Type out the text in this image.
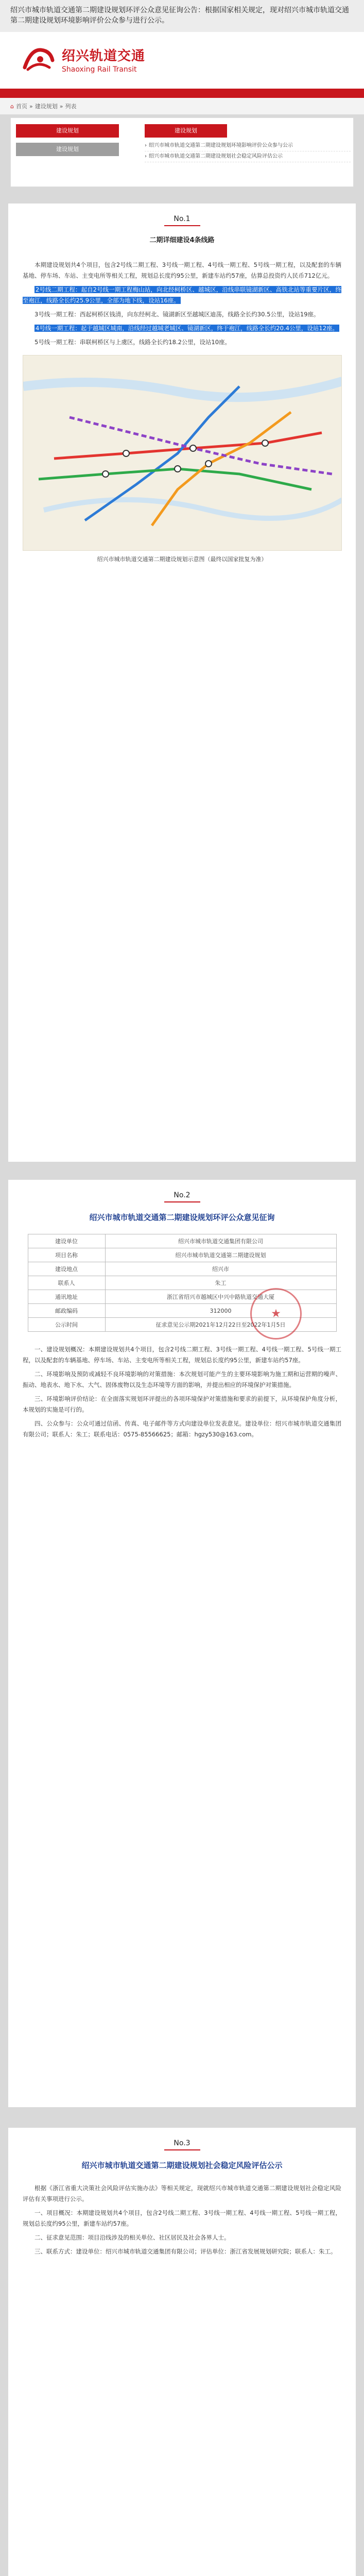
绍兴市城市轨道交通第二期建设规划环评公众意见征询公告：根据国家相关规定，现对绍兴市城市轨道交通第二期建设规划环境影响评价公众参与进行公示。
绍兴轨道交通
Shaoxing Rail Transit
⌂ 首页 » 建设规划 » 列表
建设规划
建设规划
建设规划
› 绍兴市城市轨道交通第二期建设规划环境影响评价公众参与公示
› 绍兴市城市轨道交通第二期建设规划社会稳定风险评估公示
No.1
二期详细建设4条线路

本期建设规划共4个项目，包含2号线二期工程、3号线一期工程、4号线一期工程、5号线一期工程，以及配套的车辆基地、停车场、车站、主变电所等相关工程，规划总长度约95公里，新建车站约57座，估算总投资约人民币712亿元。

2号线二期工程：起自2号线一期工程梅山站，向北经柯桥区、越城区，沿线串联镜湖新区、高铁北站等重要片区，终至袍江，线路全长约25.9公里，全部为地下线，设站16座。

3号线一期工程：西起柯桥区钱清，向东经柯北、镜湖新区至越城区迪荡，线路全长约30.5公里，设站19座。

4号线一期工程：起于越城区城南，沿线经过越城老城区、镜湖新区，终于袍江，线路全长约20.4公里，设站12座。

5号线一期工程：串联柯桥区与上虞区，线路全长约18.2公里，设站10座。

绍兴市城市轨道交通第二期建设规划示意图（最终以国家批复为准）
No.2
绍兴市城市轨道交通第二期建设规划环评公众意见征询
建设单位	绍兴市城市轨道交通集团有限公司
项目名称	绍兴市城市轨道交通第二期建设规划
建设地点	绍兴市
联系人	朱工
通讯地址	浙江省绍兴市越城区中兴中路轨道交通大厦
邮政编码	312000
公示时间	征求意见公示期2021年12月22日至2022年1月5日
★

一、建设规划概况：本期建设规划共4个项目，包含2号线二期工程、3号线一期工程、4号线一期工程、5号线一期工程，以及配套的车辆基地、停车场、车站、主变电所等相关工程，规划总长度约95公里，新建车站约57座。

二、环境影响及预防或减轻不良环境影响的对策措施：本次规划可能产生的主要环境影响为施工期和运营期的噪声、振动、地表水、地下水、大气、固体废物以及生态环境等方面的影响，并提出相应的环境保护对策措施。

三、环境影响评价结论：在全面落实规划环评提出的各项环境保护对策措施和要求的前提下，从环境保护角度分析，本规划的实施是可行的。

四、公众参与：公众可通过信函、传真、电子邮件等方式向建设单位发表意见。建设单位：绍兴市城市轨道交通集团有限公司；联系人：朱工；联系电话：0575-85566625；邮箱：hgzy530@163.com。

No.3
绍兴市城市轨道交通第二期建设规划社会稳定风险评估公示

根据《浙江省重大决策社会风险评估实施办法》等相关规定，现就绍兴市城市轨道交通第二期建设规划社会稳定风险评估有关事项进行公示。

一、项目概况：本期建设规划共4个项目，包含2号线二期工程、3号线一期工程、4号线一期工程、5号线一期工程，规划总长度约95公里，新建车站约57座。

二、征求意见范围：项目沿线涉及的相关单位、社区居民及社会各界人士。

三、联系方式：建设单位：绍兴市城市轨道交通集团有限公司；评估单位：浙江省发展规划研究院；联系人：朱工。
